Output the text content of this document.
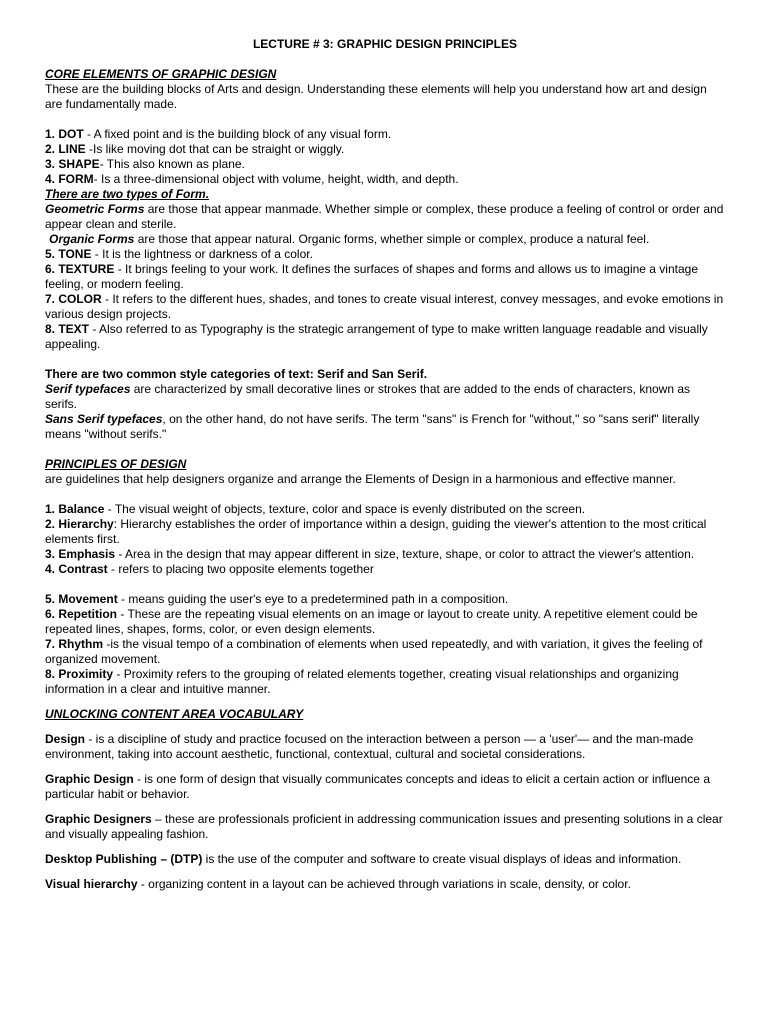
LECTURE # 3: GRAPHIC DESIGN PRINCIPLES

CORE ELEMENTS OF GRAPHIC DESIGN

These are the building blocks of Arts and design. Understanding these elements will help you understand how art and design are fundamentally made.

1. DOT - A fixed point and is the building block of any visual form.

2. LINE -Is like moving dot that can be straight or wiggly.

3. SHAPE- This also known as plane.

4. FORM- Is a three-dimensional object with volume, height, width, and depth.

There are two types of Form.

Geometric Forms are those that appear manmade. Whether simple or complex, these produce a feeling of control or order and appear clean and sterile.

Organic Forms are those that appear natural. Organic forms, whether simple or complex, produce a natural feel.

5. TONE - It is the lightness or darkness of a color.

6. TEXTURE - It brings feeling to your work. It defines the surfaces of shapes and forms and allows us to imagine a vintage feeling, or modern feeling.

7. COLOR - It refers to the different hues, shades, and tones to create visual interest, convey messages, and evoke emotions in various design projects.

8. TEXT - Also referred to as Typography is the strategic arrangement of type to make written language readable and visually appealing.

There are two common style categories of text: Serif and San Serif.

Serif typefaces are characterized by small decorative lines or strokes that are added to the ends of characters, known as serifs.

Sans Serif typefaces, on the other hand, do not have serifs. The term "sans" is French for "without," so "sans serif" literally means "without serifs."

PRINCIPLES OF DESIGN

are guidelines that help designers organize and arrange the Elements of Design in a harmonious and effective manner.

1. Balance - The visual weight of objects, texture, color and space is evenly distributed on the screen.

2. Hierarchy: Hierarchy establishes the order of importance within a design, guiding the viewer's attention to the most critical elements first.

3. Emphasis - Area in the design that may appear different in size, texture, shape, or color to attract the viewer's attention.

4. Contrast - refers to placing two opposite elements together

5. Movement - means guiding the user's eye to a predetermined path in a composition.

6. Repetition - These are the repeating visual elements on an image or layout to create unity. A repetitive element could be repeated lines, shapes, forms, color, or even design elements.

7. Rhythm -is the visual tempo of a combination of elements when used repeatedly, and with variation, it gives the feeling of organized movement.

8. Proximity - Proximity refers to the grouping of related elements together, creating visual relationships and organizing information in a clear and intuitive manner.

UNLOCKING CONTENT AREA VOCABULARY

Design - is a discipline of study and practice focused on the interaction between a person — a 'user'— and the man-made environment, taking into account aesthetic, functional, contextual, cultural and societal considerations.

Graphic Design - is one form of design that visually communicates concepts and ideas to elicit a certain action or influence a particular habit or behavior.

Graphic Designers – these are professionals proficient in addressing communication issues and presenting solutions in a clear and visually appealing fashion.

Desktop Publishing – (DTP) is the use of the computer and software to create visual displays of ideas and information.

Visual hierarchy - organizing content in a layout can be achieved through variations in scale, density, or color.
